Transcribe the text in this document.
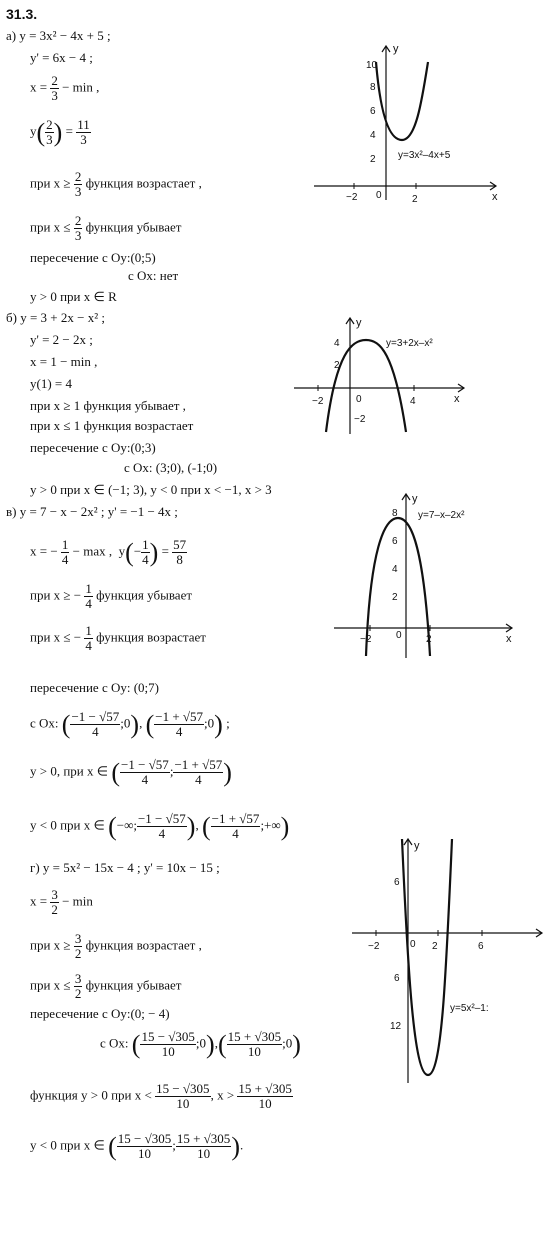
31.3.
а) y = 3x² − 4x + 5 ;
y' = 6x − 4 ;
$x = \frac{2}{3} - \min$ ,
$y( \frac{2}{3}$ ) = $\frac{11}{3}$
при $x \ge \frac{2}{3}$ функция возрастает ,
при $x \le \frac{2}{3}$ функция убывает
пересечение с Oy:(0;5)
с Ox: нет
y > 0 при x ∈ R
y
x
10
8
6
4
2
−2 0	2
y=3x²–4x+5
б) y = 3 + 2x − x² ;
y' = 2 − 2x ;
x = 1 − min ,
y(1) = 4
при x ≥ 1 функция убывает ,
при x ≤ 1 функция возрастает
пересечение с Oy:(0;3)
с Ox: (3;0), (-1;0)
y > 0 при x ∈ (−1; 3), y < 0 при x < −1, x > 3
y
x
4
2
−2
−2	0	4
y=3+2x–x²
в) y = 7 − x − 2x² ; y' = −1 − 4x ;
x = − $\frac{1}{4} - \max$ , $y(- \frac{1}{4}$ ) = $\frac{57}{8}$
при x ≥ − $\frac{1}{4}$ функция убывает
при x ≤ − $\frac{1}{4}$ функция возрастает
пересечение с Oy: (0;7)
с Ox: ( $\frac{-1 - √57}{4}$ ;0), ( $\frac{-1 + √57}{4}$ ;0) ;
y > 0, при x ∈ ( $\frac{-1 - √57}{4}$ ; $\frac{-1 + √57}{4}$ )
y < 0 при x ∈ (−∞; $\frac{-1 - √57}{4}$ ), ( $\frac{-1 + √57}{4}$ ;+∞)
y
x
8
6
4
2
−2 0 2
y=7–x–2x²
г) y = 5x² − 15x − 4 ; y' = 10x − 15 ;
$x = \frac{3}{2} - \min$
при $x \ge \frac{3}{2}$ функция возрастает ,
при $x \le \frac{3}{2}$ функция убывает
пересечение с Oy:(0; − 4)
с Ox: ( $\frac{15 - √305}{10}$ ;0),( $\frac{15 + √305}{10}$ ;0)
функция y > 0 при $x < \frac{15 - √305}{10}$ , $x > \frac{15 + √305}{10}$
y < 0 при x ∈ ( $\frac{15 - √305}{10}$ ; $\frac{15 + √305}{10}$ ).
y
6
6
12
−2	0 2	6
y=5x²–1:
